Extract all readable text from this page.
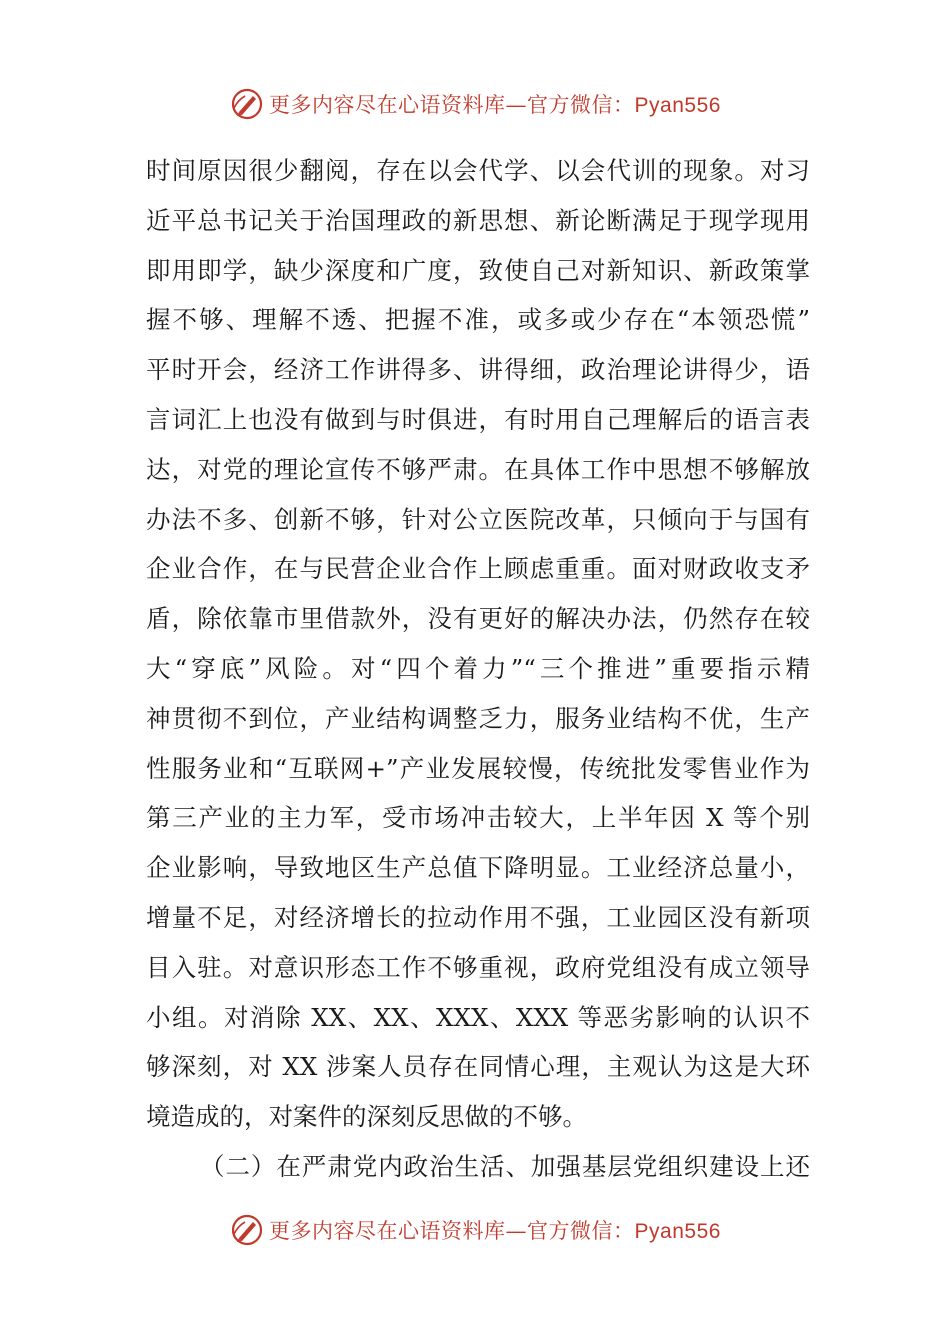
更多内容尽在心语资料库—官方微信：Pyan556
时间原因很少翻阅，存在以会代学、以会代训的现象。对习
近平总书记关于治国理政的新思想、新论断满足于现学现用
即用即学，缺少深度和广度，致使自己对新知识、新政策掌
握不够、理解不透、把握不准，或多或少存在“本领恐慌”
平时开会，经济工作讲得多、讲得细，政治理论讲得少，语
言词汇上也没有做到与时俱进，有时用自己理解后的语言表
达，对党的理论宣传不够严肃。在具体工作中思想不够解放
办法不多、创新不够，针对公立医院改革，只倾向于与国有
企业合作，在与民营企业合作上顾虑重重。面对财政收支矛
盾，除依靠市里借款外，没有更好的解决办法，仍然存在较
大“穿底”风险。对“四个着力”“三个推进”重要指示精
神贯彻不到位，产业结构调整乏力，服务业结构不优，生产
性服务业和“互联网+”产业发展较慢，传统批发零售业作为
第三产业的主力军，受市场冲击较大，上半年因 X 等个别
企业影响，导致地区生产总值下降明显。工业经济总量小，
增量不足，对经济增长的拉动作用不强，工业园区没有新项
目入驻。对意识形态工作不够重视，政府党组没有成立领导
小组。对消除 XX、XX、XXX、XXX 等恶劣影响的认识不
够深刻，对 XX 涉案人员存在同情心理，主观认为这是大环
境造成的，对案件的深刻反思做的不够。
（二）在严肃党内政治生活、加强基层党组织建设上还
更多内容尽在心语资料库—官方微信：Pyan556
